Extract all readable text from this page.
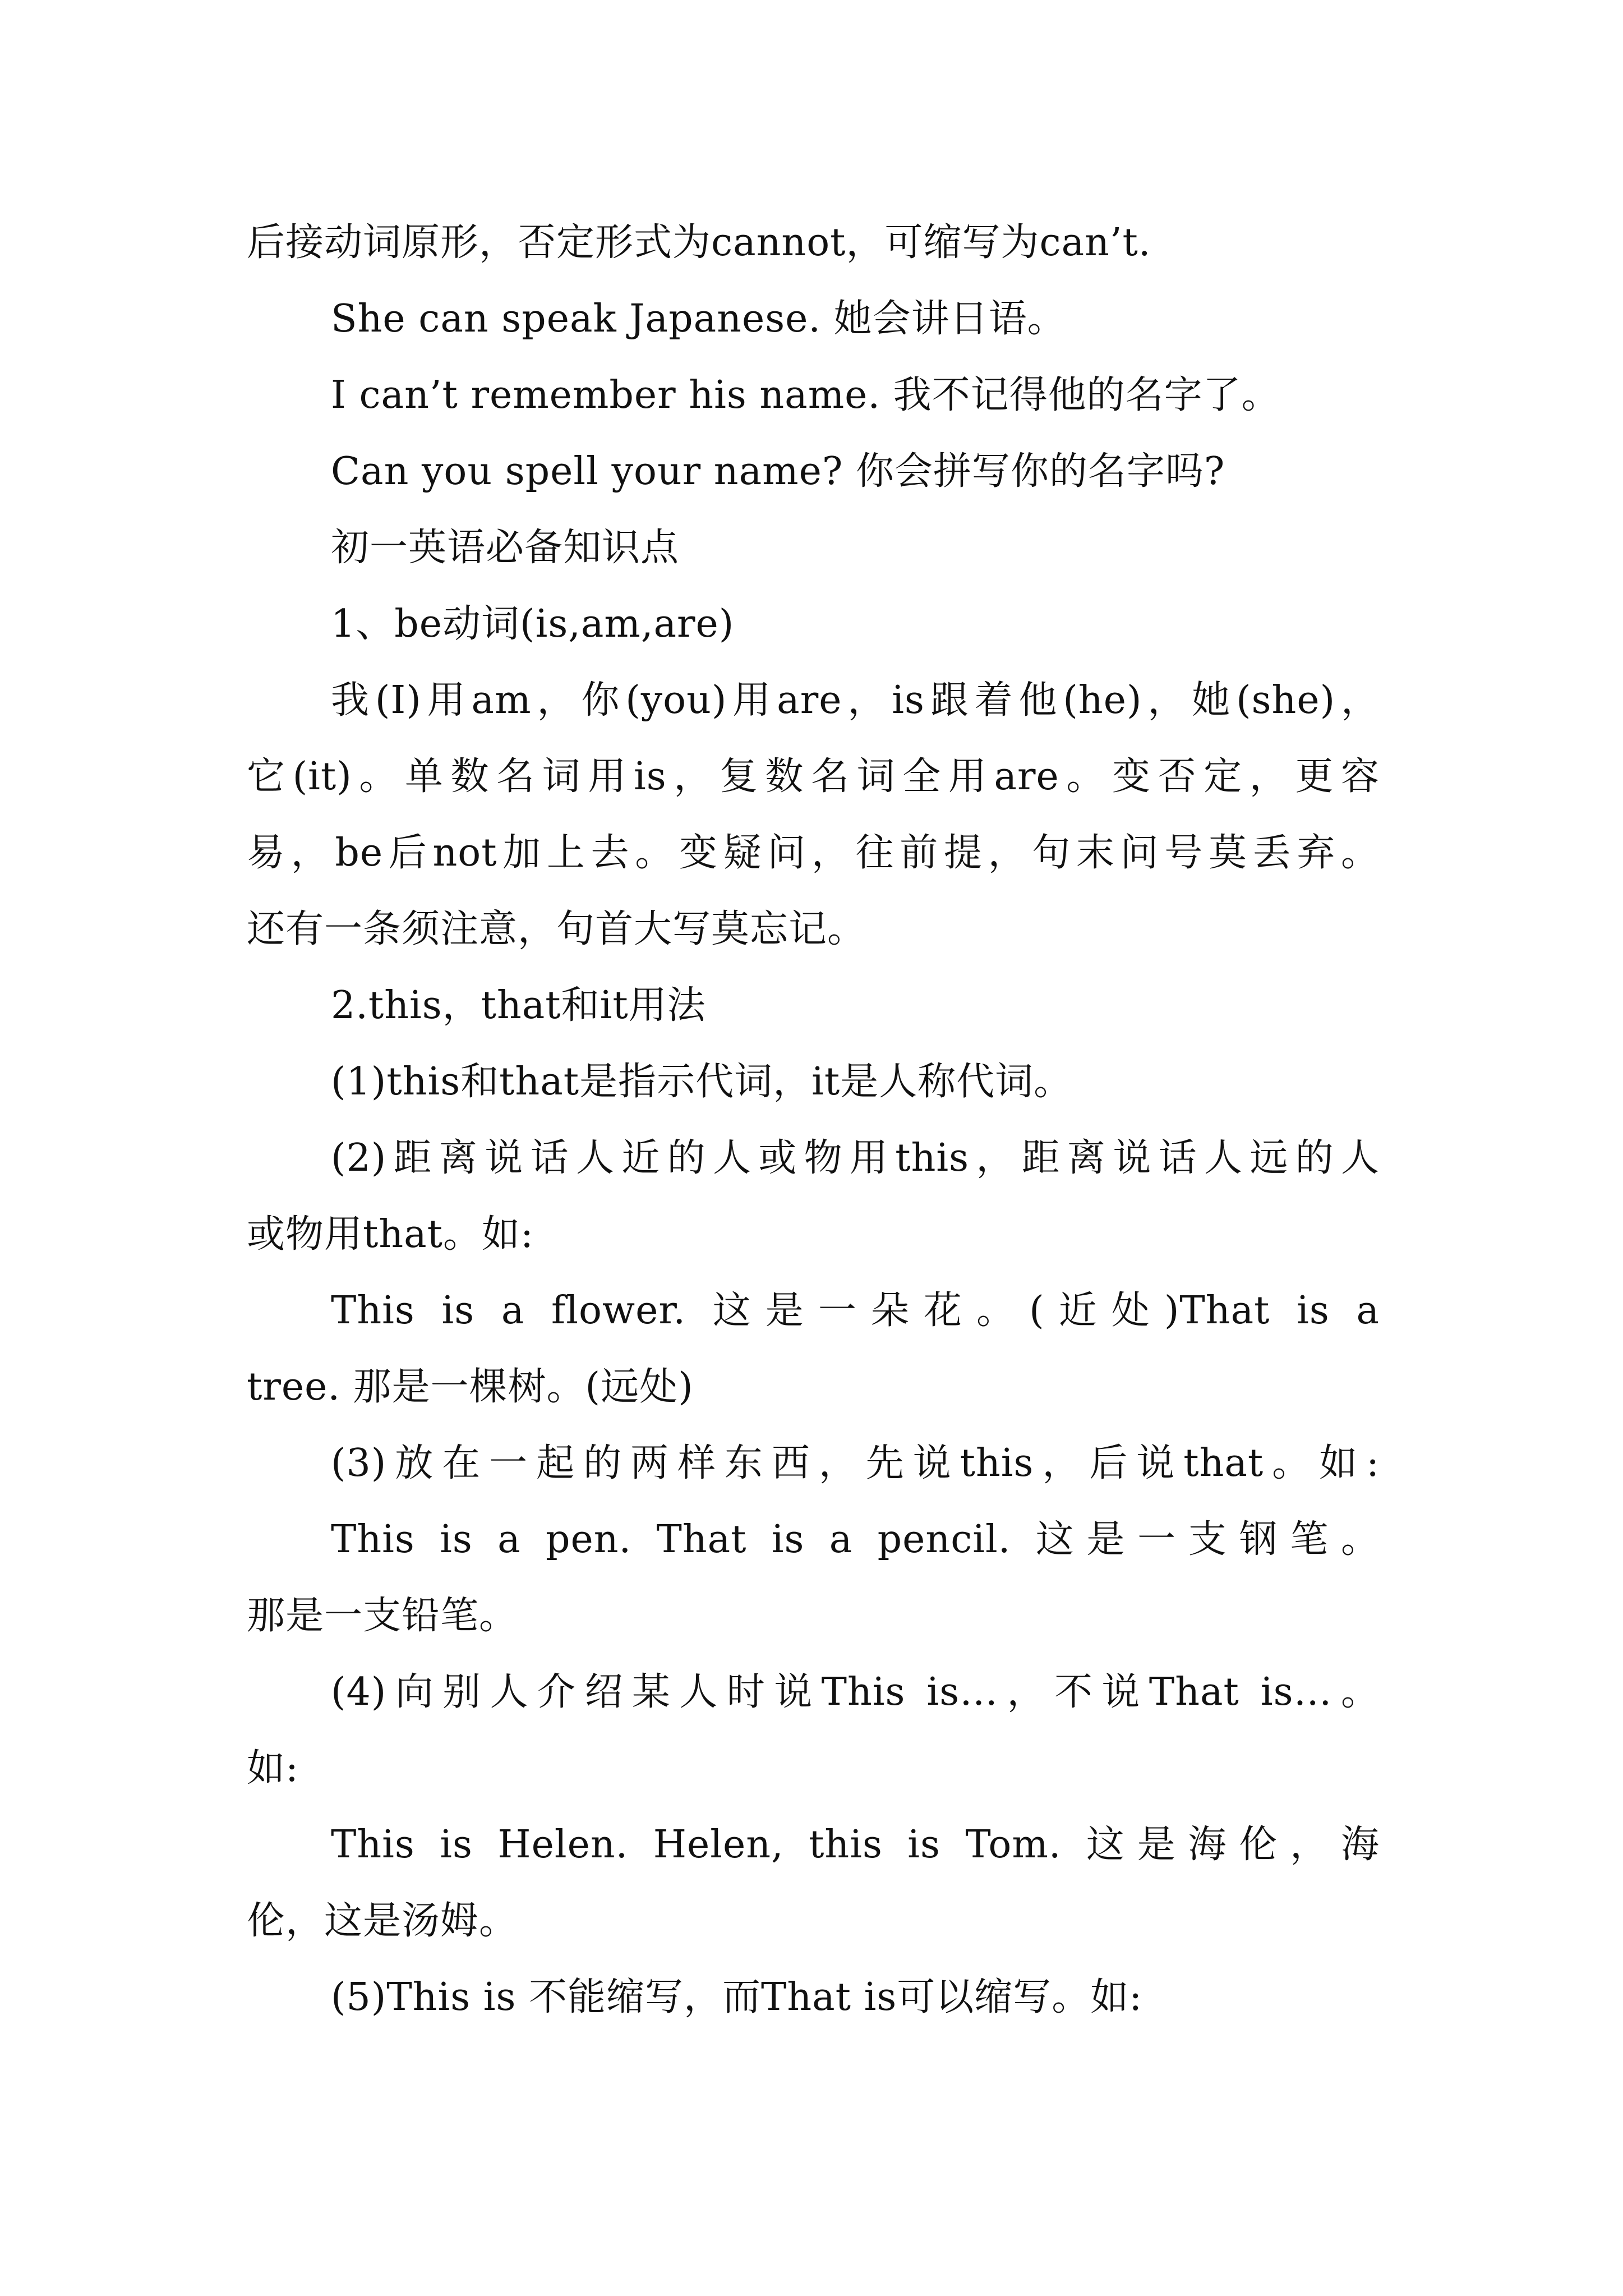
后接动词原形，否定形式为cannot，可缩写为can’t.
She can speak Japanese. 她会讲日语。
I can’t remember his name. 我不记得他的名字了。
Can you spell your name? 你会拼写你的名字吗?
初一英语必备知识点
1、be动词(is,am,are)
我(I)用am，你(you)用are，is跟着他(he)，她(she)，
它(it)。单数名词用is，复数名词全用are。变否定，更容
易，be后not加上去。变疑问，往前提，句末问号莫丢弃。
还有一条须注意，句首大写莫忘记。
2.this，that和it用法
(1)this和that是指示代词，it是人称代词。
(2)距离说话人近的人或物用this，距离说话人远的人
或物用that。如:
This is a flower. 这是一朵花。(近处)That is a
tree. 那是一棵树。(远处)
(3)放在一起的两样东西，先说this，后说that。如:
This is a pen. That is a pencil. 这是一支钢笔。
那是一支铅笔。
(4)向别人介绍某人时说This is…，不说That is…。
如:
This is Helen. Helen, this is Tom. 这是海伦，海
伦，这是汤姆。
(5)This is 不能缩写，而That is可以缩写。如:
